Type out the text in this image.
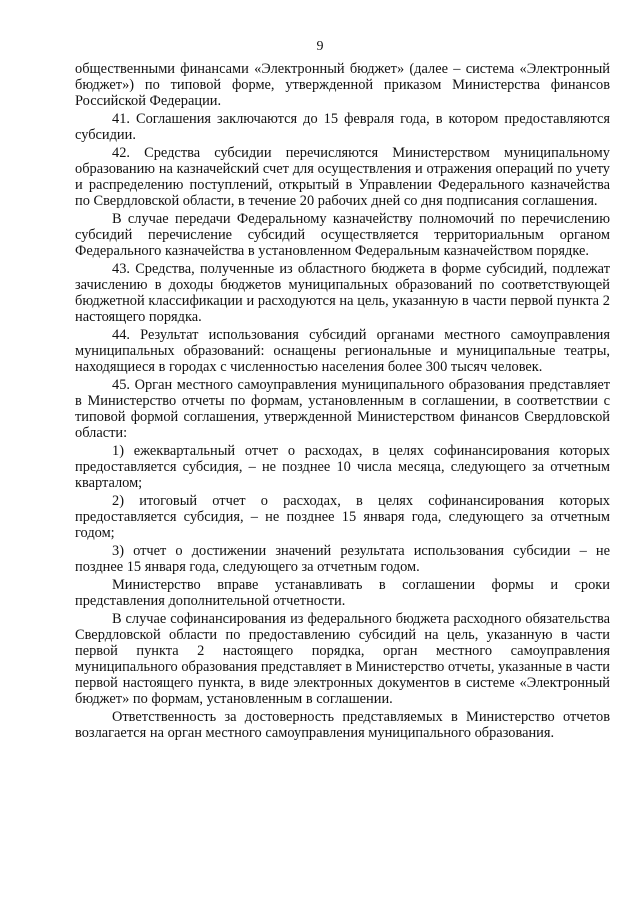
9

общественными финансами «Электронный бюджет» (далее – система «Электронный бюджет») по типовой форме, утвержденной приказом Министерства финансов Российской Федерации.

41. Соглашения заключаются до 15 февраля года, в котором предоставляются субсидии.

42. Средства субсидии перечисляются Министерством муниципальному образованию на казначейский счет для осуществления и отражения операций по учету и распределению поступлений, открытый в Управлении Федерального казначейства по Свердловской области, в течение 20 рабочих дней со дня подписания соглашения.

В случае передачи Федеральному казначейству полномочий по перечислению субсидий перечисление субсидий осуществляется территориальным органом Федерального казначейства в установленном Федеральным казначейством порядке.

43. Средства, полученные из областного бюджета в форме субсидий, подлежат зачислению в доходы бюджетов муниципальных образований по соответствующей бюджетной классификации и расходуются на цель, указанную в части первой пункта 2 настоящего порядка.

44. Результат использования субсидий органами местного самоуправления муниципальных образований: оснащены региональные и муниципальные театры, находящиеся в городах с численностью населения более 300 тысяч человек.

45. Орган местного самоуправления муниципального образования представляет в Министерство отчеты по формам, установленным в соглашении, в соответствии с типовой формой соглашения, утвержденной Министерством финансов Свердловской области:

1) ежеквартальный отчет о расходах, в целях софинансирования которых предоставляется субсидия, – не позднее 10 числа месяца, следующего за отчетным кварталом;

2) итоговый отчет о расходах, в целях софинансирования которых предоставляется субсидия, – не позднее 15 января года, следующего за отчетным годом;

3) отчет о достижении значений результата использования субсидии – не позднее 15 января года, следующего за отчетным годом.

Министерство вправе устанавливать в соглашении формы и сроки представления дополнительной отчетности.

В случае софинансирования из федерального бюджета расходного обязательства Свердловской области по предоставлению субсидий на цель, указанную в части первой пункта 2 настоящего порядка, орган местного самоуправления муниципального образования представляет в Министерство отчеты, указанные в части первой настоящего пункта, в виде электронных документов в системе «Электронный бюджет» по формам, установленным в соглашении.

Ответственность за достоверность представляемых в Министерство отчетов возлагается на орган местного самоуправления муниципального образования.
